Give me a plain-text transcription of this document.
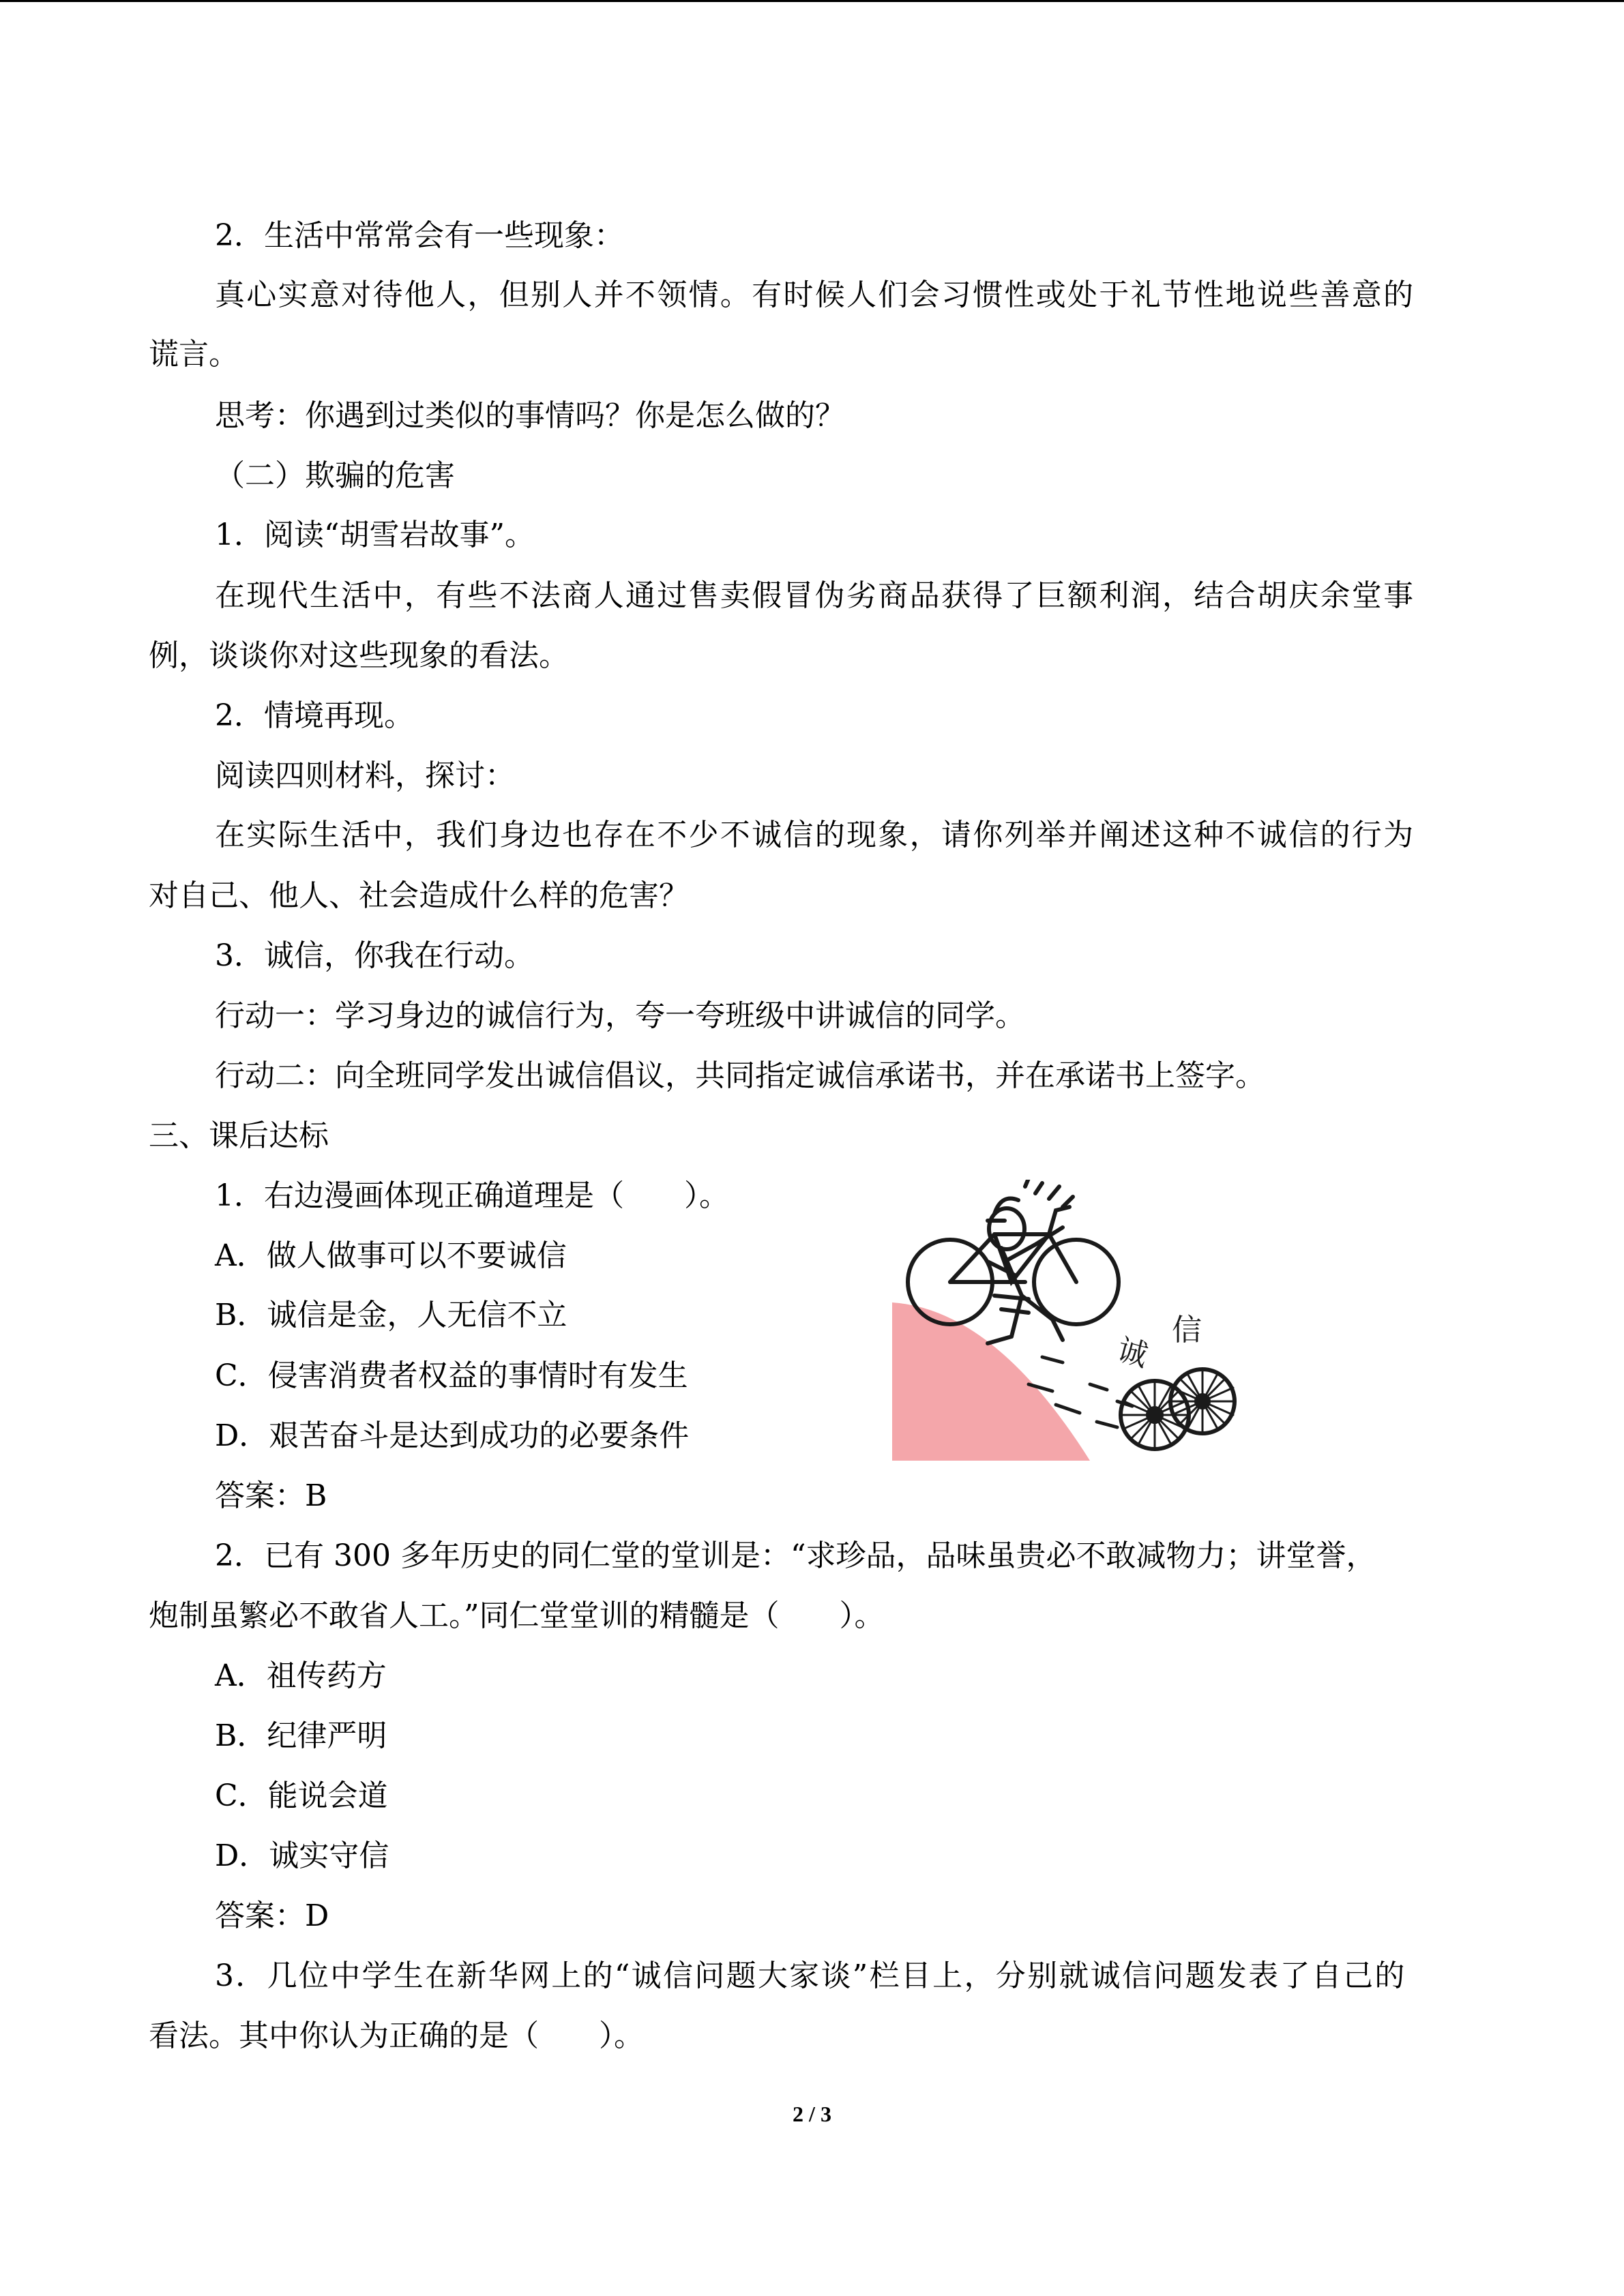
2．生活中常常会有一些现象：
真心实意对待他人，但别人并不领情。有时候人们会习惯性或处于礼节性地说些善意的
谎言。
思考：你遇到过类似的事情吗？你是怎么做的？
（二）欺骗的危害
1．阅读“胡雪岩故事”。
在现代生活中，有些不法商人通过售卖假冒伪劣商品获得了巨额利润，结合胡庆余堂事
例，谈谈你对这些现象的看法。
2．情境再现。
阅读四则材料，探讨：
在实际生活中，我们身边也存在不少不诚信的现象，请你列举并阐述这种不诚信的行为
对自己、他人、社会造成什么样的危害？
3．诚信，你我在行动。
行动一：学习身边的诚信行为，夸一夸班级中讲诚信的同学。
行动二：向全班同学发出诚信倡议，共同指定诚信承诺书，并在承诺书上签字。
三、课后达标
1．右边漫画体现正确道理是（　　）。
A．做人做事可以不要诚信
B．诚信是金，人无信不立
C．侵害消费者权益的事情时有发生
D．艰苦奋斗是达到成功的必要条件
答案：B
2．已有 300 多年历史的同仁堂的堂训是：“求珍品，品味虽贵必不敢减物力；讲堂誉，
炮制虽繁必不敢省人工。”同仁堂堂训的精髓是（　　）。
A．祖传药方
B．纪律严明
C．能说会道
D．诚实守信
答案：D
3．几位中学生在新华网上的“诚信问题大家谈”栏目上，分别就诚信问题发表了自己的
看法。其中你认为正确的是（　　）。
诚
信
2 / 3
